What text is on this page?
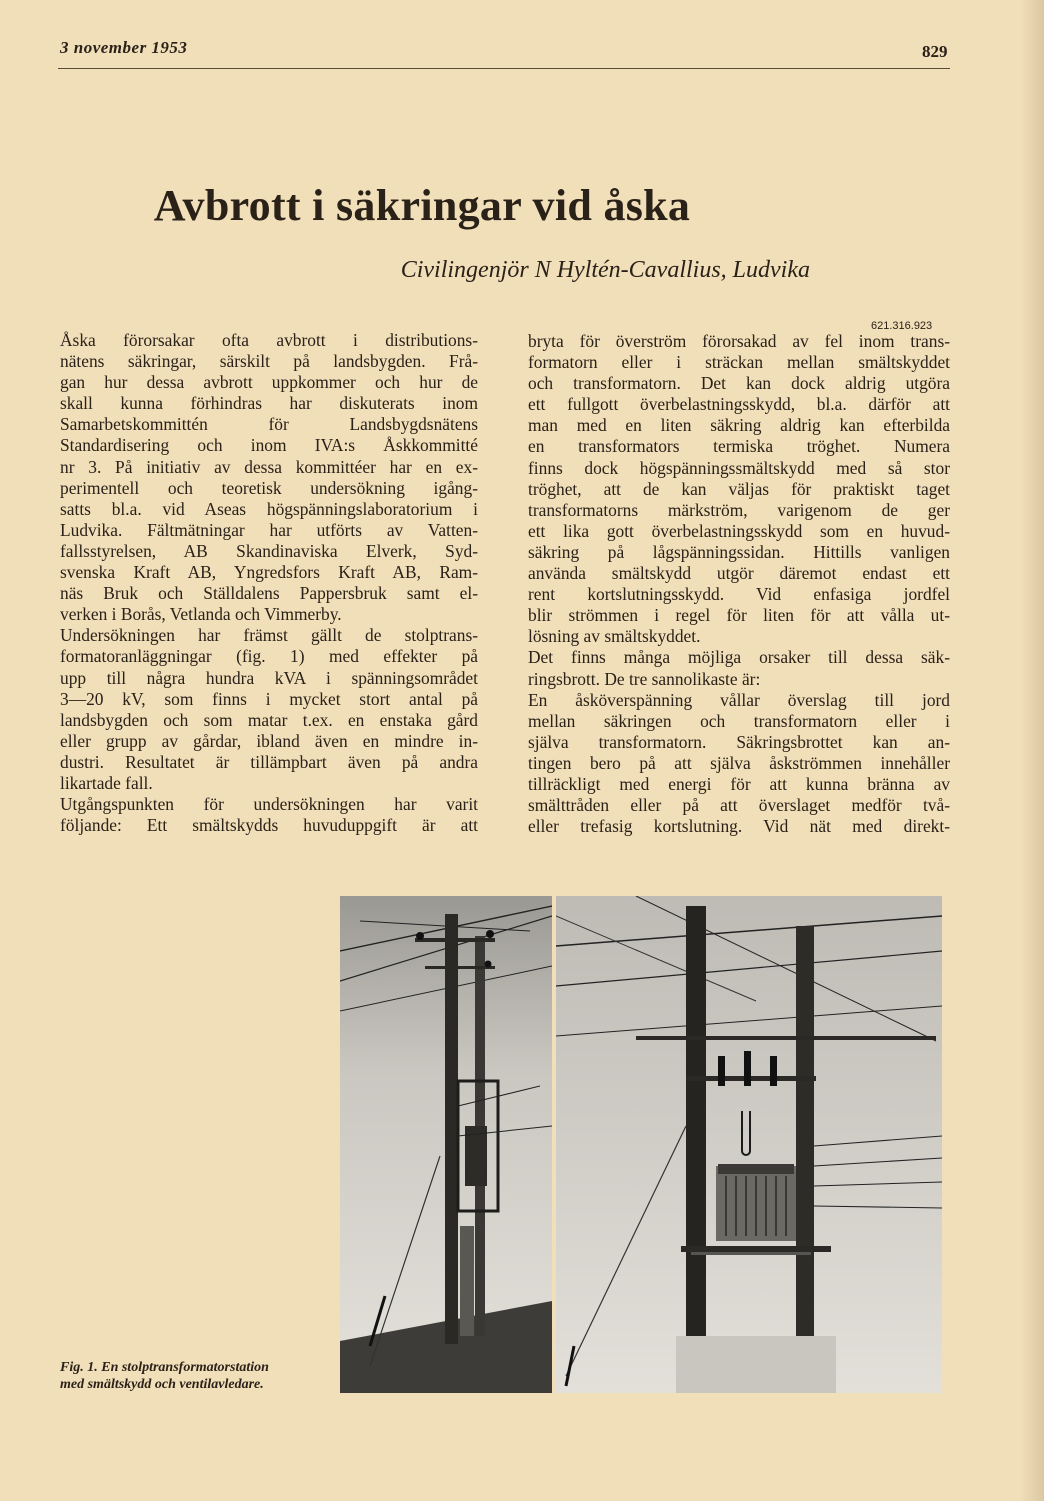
3 november 1953	829
Avbrott i säkringar vid åska
Civilingenjör N Hyltén-Cavallius, Ludvika
621.316.923
Åska förorsakar ofta avbrott i distributions-
nätens säkringar, särskilt på landsbygden. Frå-
gan hur dessa avbrott uppkommer och hur de
skall kunna förhindras har diskuterats inom
Samarbetskommittén för Landsbygdsnätens
Standardisering och inom IVA:s Åskkommitté
nr 3. På initiativ av dessa kommittéer har en ex-
perimentell och teoretisk undersökning igång-
satts bl.a. vid Aseas högspänningslaboratorium i
Ludvika. Fältmätningar har utförts av Vatten-
fallsstyrelsen, AB Skandinaviska Elverk, Syd-
svenska Kraft AB, Yngredsfors Kraft AB, Ram-
näs Bruk och Ställdalens Pappersbruk samt el-
verken i Borås, Vetlanda och Vimmerby.
Undersökningen har främst gällt de stolptrans-
formatoranläggningar (fig. 1) med effekter på
upp till några hundra kVA i spänningsområdet
3—20 kV, som finns i mycket stort antal på
landsbygden och som matar t.ex. en enstaka gård
eller grupp av gårdar, ibland även en mindre in-
dustri. Resultatet är tillämpbart även på andra
likartade fall.
Utgångspunkten för undersökningen har varit
följande: Ett smältskydds huvuduppgift är att
bryta för överström förorsakad av fel inom trans-
formatorn eller i sträckan mellan smältskyddet
och transformatorn. Det kan dock aldrig utgöra
ett fullgott överbelastningsskydd, bl.a. därför att
man med en liten säkring aldrig kan efterbilda
en transformators termiska tröghet. Numera
finns dock högspänningssmältskydd med så stor
tröghet, att de kan väljas för praktiskt taget
transformatorns märkström, varigenom de ger
ett lika gott överbelastningsskydd som en huvud-
säkring på lågspänningssidan. Hittills vanligen
använda smältskydd utgör däremot endast ett
rent kortslutningsskydd. Vid enfasiga jordfel
blir strömmen i regel för liten för att vålla ut-
lösning av smältskyddet.
Det finns många möjliga orsaker till dessa säk-
ringsbrott. De tre sannolikaste är:
En åsköverspänning vållar överslag till jord
mellan säkringen och transformatorn eller i
själva transformatorn. Säkringsbrottet kan an-
tingen bero på att själva åskströmmen innehåller
tillräckligt med energi för att kunna bränna av
smälttråden eller på att överslaget medför två-
eller trefasig kortslutning. Vid nät med direkt-
Fig. 1. En stolptransformatorstation
med smältskydd och ventilavledare.
